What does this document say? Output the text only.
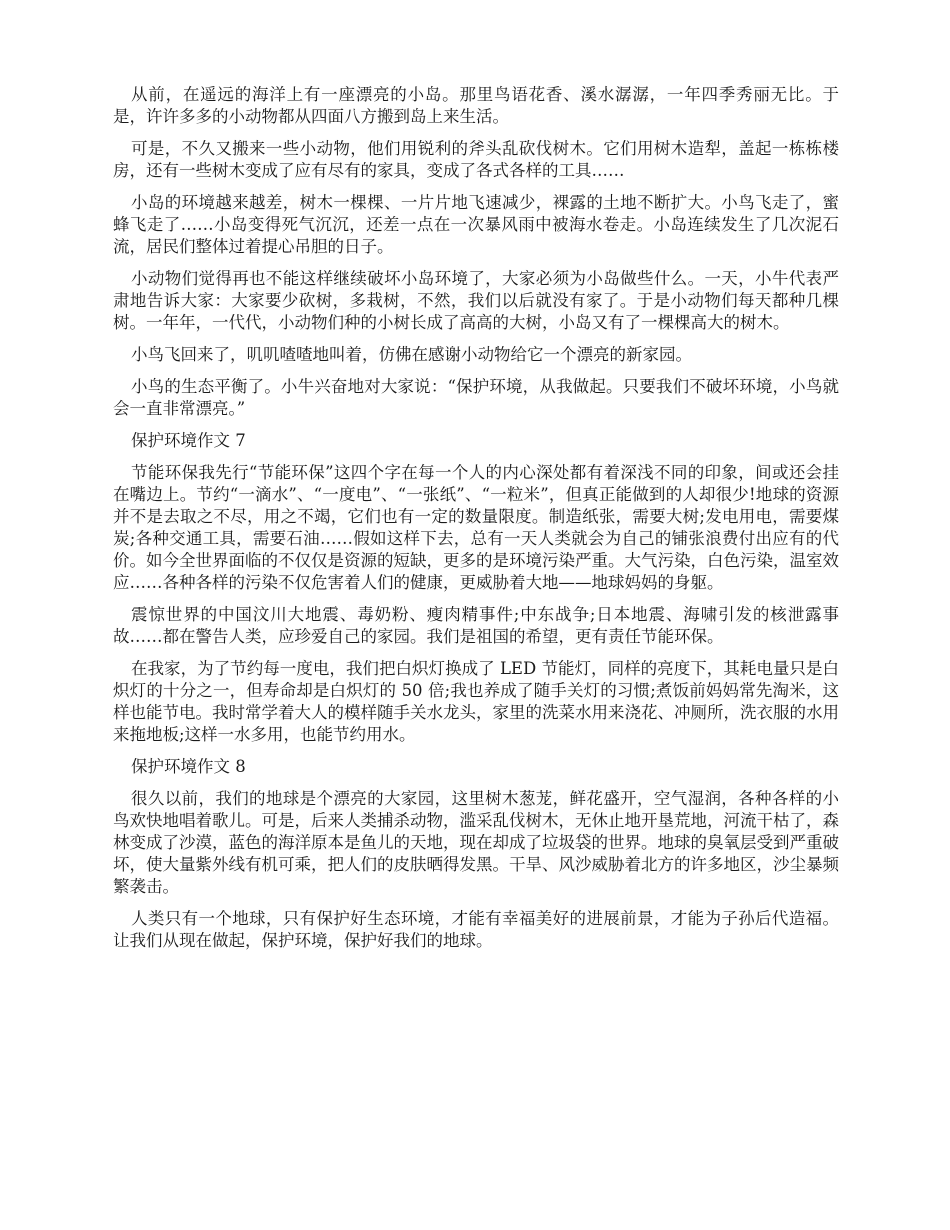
从前，在遥远的海洋上有一座漂亮的小岛。那里鸟语花香、溪水潺潺，一年四季秀丽无比。于是，许许多多的小动物都从四面八方搬到岛上来生活。

可是，不久又搬来一些小动物，他们用锐利的斧头乱砍伐树木。它们用树木造犁，盖起一栋栋楼房，还有一些树木变成了应有尽有的家具，变成了各式各样的工具……

小岛的环境越来越差，树木一棵棵、一片片地飞速减少，裸露的土地不断扩大。小鸟飞走了，蜜蜂飞走了……小岛变得死气沉沉，还差一点在一次暴风雨中被海水卷走。小岛连续发生了几次泥石流，居民们整体过着提心吊胆的日子。

小动物们觉得再也不能这样继续破坏小岛环境了，大家必须为小岛做些什么。一天，小牛代表严肃地告诉大家：大家要少砍树，多栽树，不然，我们以后就没有家了。于是小动物们每天都种几棵树。一年年，一代代，小动物们种的小树长成了高高的大树，小岛又有了一棵棵高大的树木。

小鸟飞回来了，叽叽喳喳地叫着，仿佛在感谢小动物给它一个漂亮的新家园。

小鸟的生态平衡了。小牛兴奋地对大家说：“保护环境，从我做起。只要我们不破坏环境，小鸟就会一直非常漂亮。”

保护环境作文 7

节能环保我先行“节能环保”这四个字在每一个人的内心深处都有着深浅不同的印象，间或还会挂在嘴边上。节约“一滴水”、“一度电”、“一张纸”、“一粒米”，但真正能做到的人却很少!地球的资源并不是去取之不尽，用之不竭，它们也有一定的数量限度。制造纸张，需要大树;发电用电，需要煤炭;各种交通工具，需要石油……假如这样下去，总有一天人类就会为自己的铺张浪费付出应有的代价。如今全世界面临的不仅仅是资源的短缺，更多的是环境污染严重。大气污染，白色污染，温室效应……各种各样的污染不仅危害着人们的健康，更威胁着大地——地球妈妈的身躯。

震惊世界的中国汶川大地震、毒奶粉、瘦肉精事件;中东战争;日本地震、海啸引发的核泄露事故……都在警告人类，应珍爱自己的家园。我们是祖国的希望，更有责任节能环保。

在我家，为了节约每一度电，我们把白炽灯换成了 LED 节能灯，同样的亮度下，其耗电量只是白炽灯的十分之一，但寿命却是白炽灯的 50 倍;我也养成了随手关灯的习惯;煮饭前妈妈常先淘米，这样也能节电。我时常学着大人的模样随手关水龙头，家里的洗菜水用来浇花、冲厕所，洗衣服的水用来拖地板;这样一水多用，也能节约用水。

保护环境作文 8

很久以前，我们的地球是个漂亮的大家园，这里树木葱茏，鲜花盛开，空气湿润，各种各样的小鸟欢快地唱着歌儿。可是，后来人类捕杀动物，滥采乱伐树木，无休止地开垦荒地，河流干枯了，森林变成了沙漠，蓝色的海洋原本是鱼儿的天地，现在却成了垃圾袋的世界。地球的臭氧层受到严重破坏，使大量紫外线有机可乘，把人们的皮肤晒得发黑。干旱、风沙威胁着北方的许多地区，沙尘暴频繁袭击。

人类只有一个地球，只有保护好生态环境，才能有幸福美好的进展前景，才能为子孙后代造福。让我们从现在做起，保护环境，保护好我们的地球。
